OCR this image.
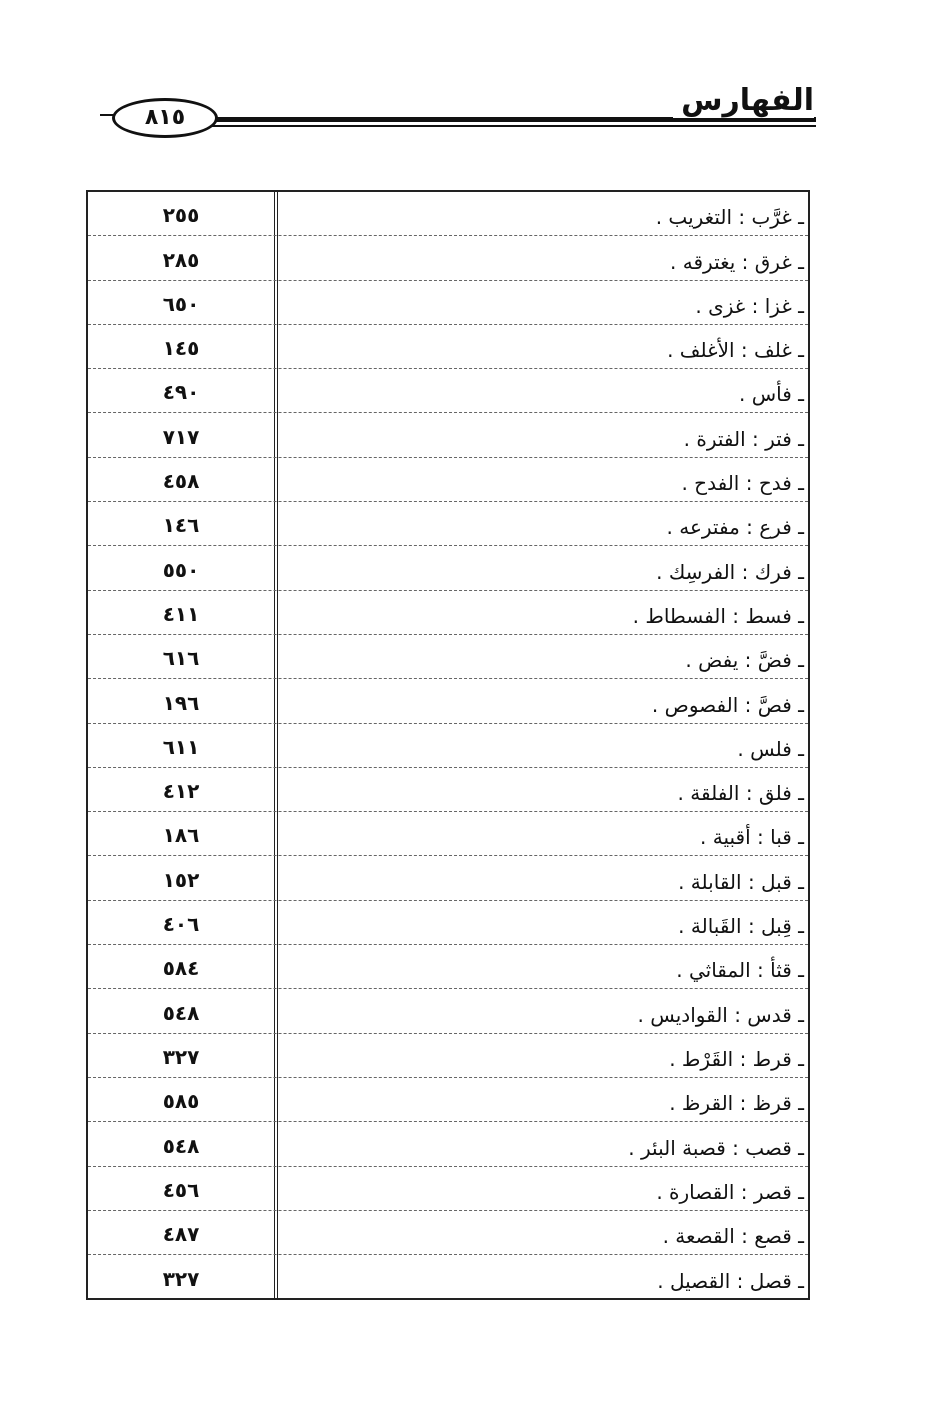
٨١٥	الفهارس
ـ غرَّب : التغريب .
٢٥٥
ـ غرق : يغترقه .
٢٨٥
ـ غزا : غزى .
٦٥٠
ـ غلف : الأغلف .
١٤٥
ـ فأس .
٤٩٠
ـ فتر : الفترة .
٧١٧
ـ فدح : الفدح .
٤٥٨
ـ فرع : مفترعه .
١٤٦
ـ فرك : الفرسِك .
٥٥٠
ـ فسط : الفسطاط .
٤١١
ـ فضَّ : يفض .
٦١٦
ـ فصَّ : الفصوص .
١٩٦
ـ فلس .
٦١١
ـ فلق : الفلقة .
٤١٢
ـ قبا : أقبية .
١٨٦
ـ قبل : القابلة .
١٥٢
ـ قِبل : القَبالة .
٤٠٦
ـ قثأ : المقاثي .
٥٨٤
ـ قدس : القواديس .
٥٤٨
ـ قرط : القَرْط .
٣٢٧
ـ قرظ : القرظ .
٥٨٥
ـ قصب : قصبة البئر .
٥٤٨
ـ قصر : القصارة .
٤٥٦
ـ قصع : القصعة .
٤٨٧
ـ قصل : القصيل .
٣٢٧
